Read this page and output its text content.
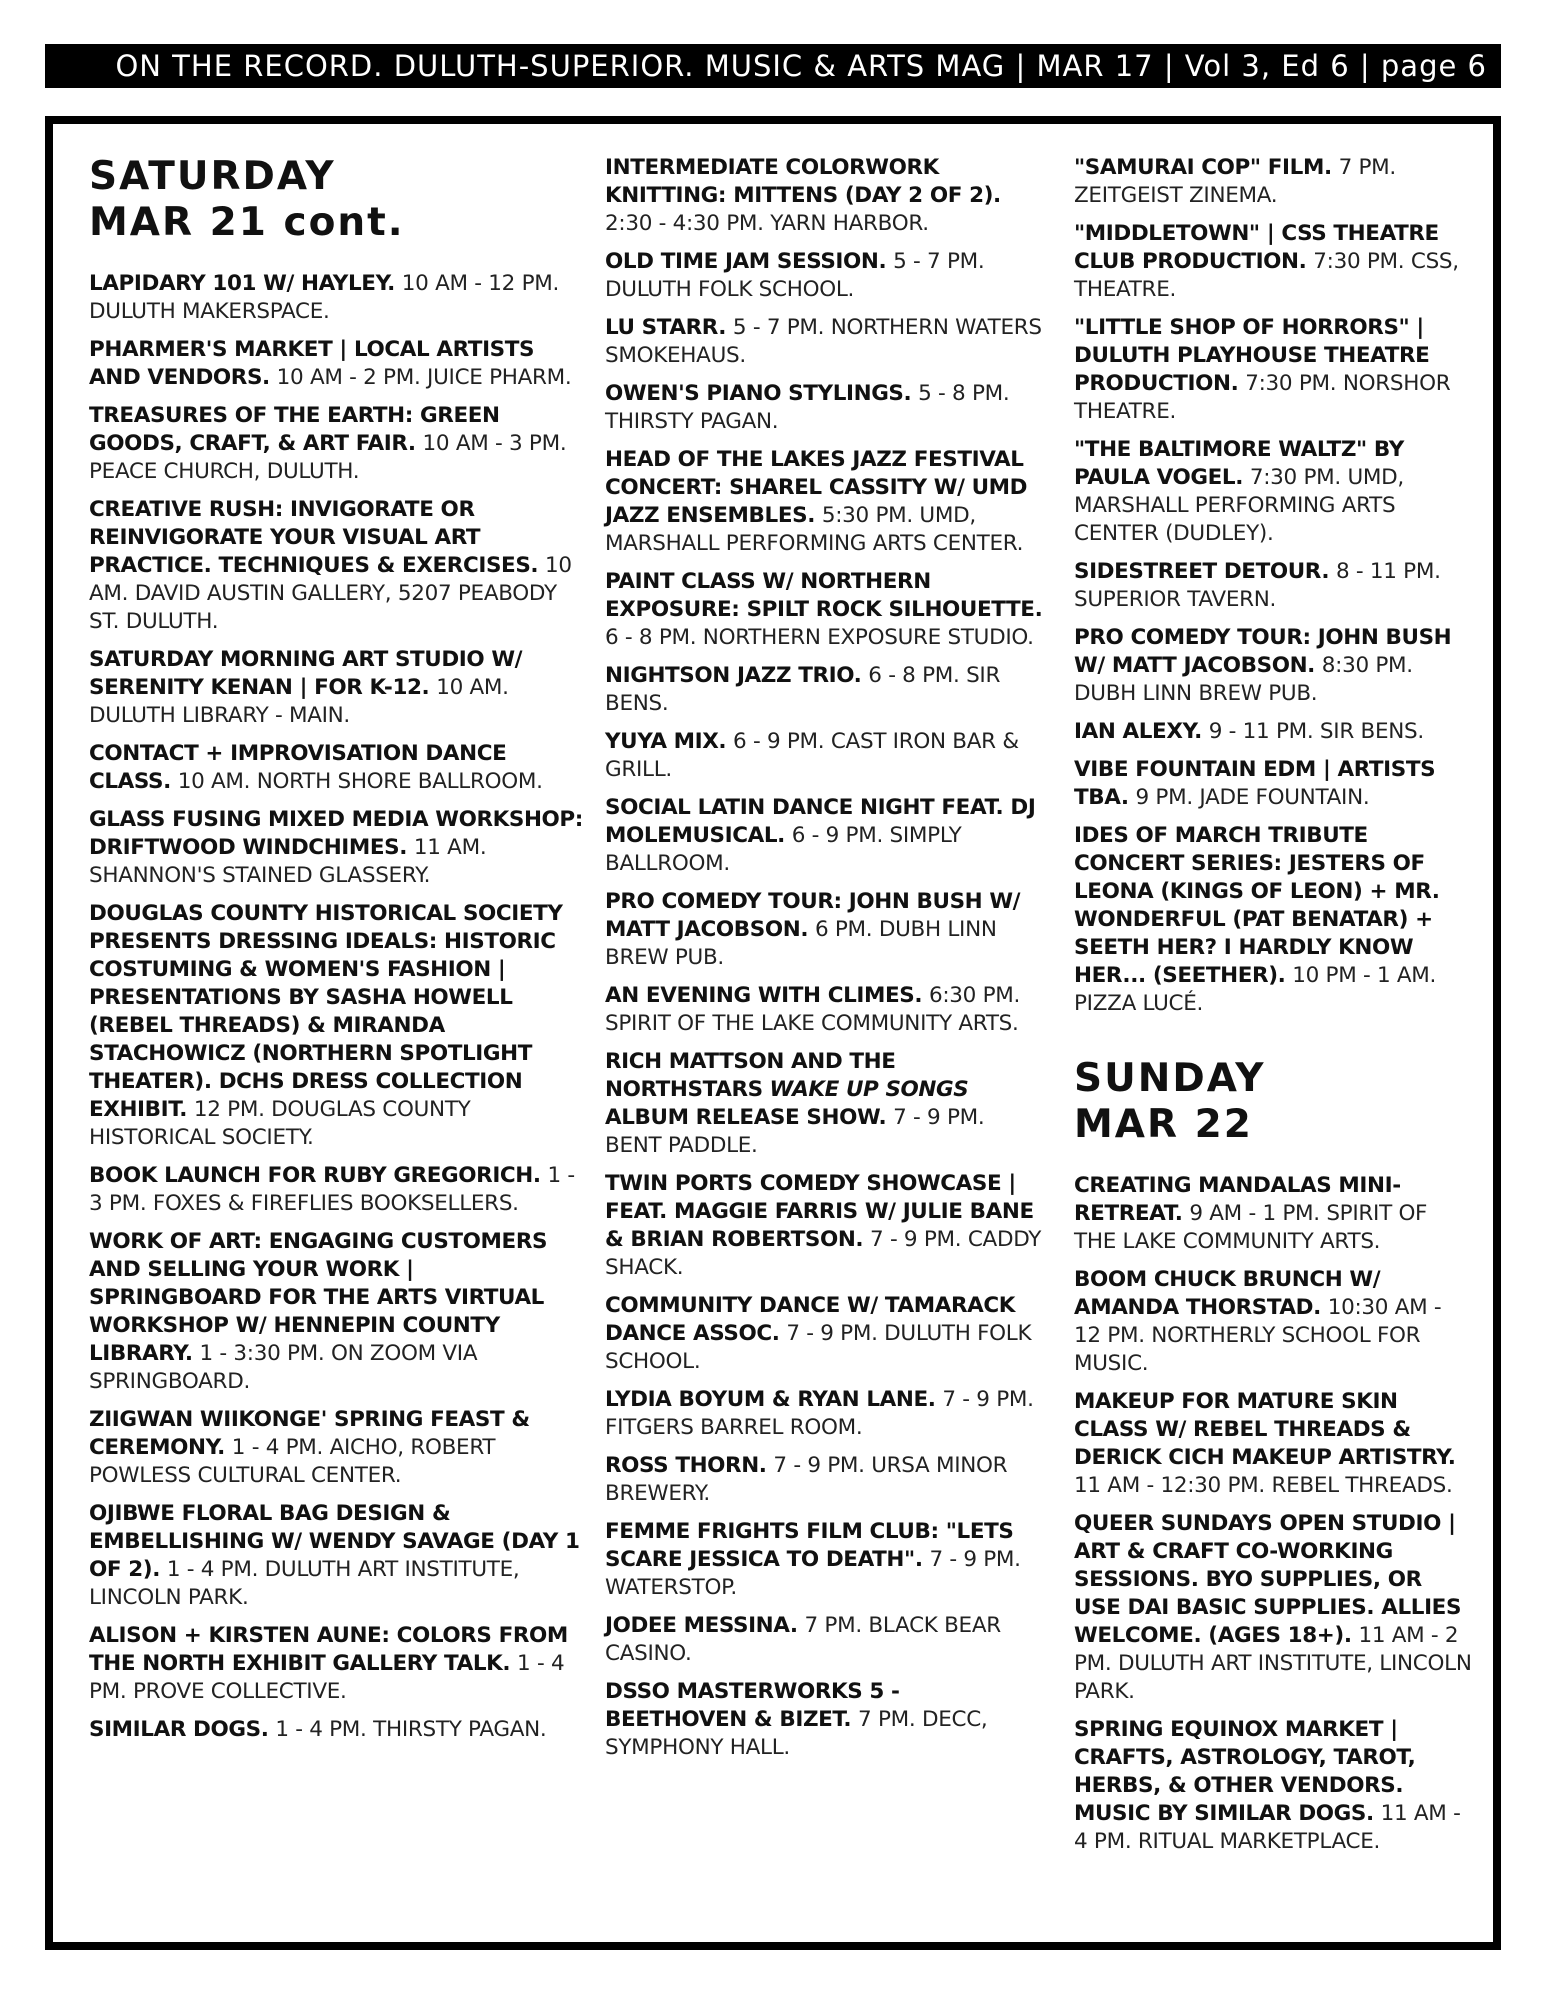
ON THE RECORD. DULUTH-SUPERIOR. MUSIC & ARTS MAG | MAR 17 | Vol 3, Ed 6 | page 6
SATURDAY
MAR 21 cont.
LAPIDARY 101 W/ HAYLEY. 10 AM - 12 PM. DULUTH MAKERSPACE.
PHARMER'S MARKET | LOCAL ARTISTS AND VENDORS. 10 AM - 2 PM. JUICE PHARM.
TREASURES OF THE EARTH: GREEN GOODS, CRAFT, & ART FAIR. 10 AM - 3 PM. PEACE CHURCH, DULUTH.
CREATIVE RUSH: INVIGORATE OR REINVIGORATE YOUR VISUAL ART PRACTICE. TECHNIQUES & EXERCISES. 10 AM. DAVID AUSTIN GALLERY, 5207 PEABODY ST. DULUTH.
SATURDAY MORNING ART STUDIO W/ SERENITY KENAN | FOR K-12. 10 AM. DULUTH LIBRARY - MAIN.
CONTACT + IMPROVISATION DANCE CLASS. 10 AM. NORTH SHORE BALLROOM.
GLASS FUSING MIXED MEDIA WORKSHOP: DRIFTWOOD WINDCHIMES. 11 AM. SHANNON'S STAINED GLASSERY.
DOUGLAS COUNTY HISTORICAL SOCIETY PRESENTS DRESSING IDEALS: HISTORIC COSTUMING & WOMEN'S FASHION | PRESENTATIONS BY SASHA HOWELL (REBEL THREADS) & MIRANDA STACHOWICZ (NORTHERN SPOTLIGHT THEATER). DCHS DRESS COLLECTION EXHIBIT. 12 PM. DOUGLAS COUNTY HISTORICAL SOCIETY.
BOOK LAUNCH FOR RUBY GREGORICH. 1 - 3 PM. FOXES & FIREFLIES BOOKSELLERS.
WORK OF ART: ENGAGING CUSTOMERS AND SELLING YOUR WORK | SPRINGBOARD FOR THE ARTS VIRTUAL WORKSHOP W/ HENNEPIN COUNTY LIBRARY. 1 - 3:30 PM. ON ZOOM VIA SPRINGBOARD.
ZIIGWAN WIIKONGE' SPRING FEAST & CEREMONY. 1 - 4 PM. AICHO, ROBERT POWLESS CULTURAL CENTER.
OJIBWE FLORAL BAG DESIGN & EMBELLISHING W/ WENDY SAVAGE (DAY 1 OF 2). 1 - 4 PM. DULUTH ART INSTITUTE, LINCOLN PARK.
ALISON + KIRSTEN AUNE: COLORS FROM THE NORTH EXHIBIT GALLERY TALK. 1 - 4 PM. PROVE COLLECTIVE.
SIMILAR DOGS. 1 - 4 PM. THIRSTY PAGAN.
INTERMEDIATE COLORWORK KNITTING: MITTENS (DAY 2 OF 2). 2:30 - 4:30 PM. YARN HARBOR.
OLD TIME JAM SESSION. 5 - 7 PM. DULUTH FOLK SCHOOL.
LU STARR. 5 - 7 PM. NORTHERN WATERS SMOKEHAUS.
OWEN'S PIANO STYLINGS. 5 - 8 PM. THIRSTY PAGAN.
HEAD OF THE LAKES JAZZ FESTIVAL CONCERT: SHAREL CASSITY W/ UMD JAZZ ENSEMBLES. 5:30 PM. UMD, MARSHALL PERFORMING ARTS CENTER.
PAINT CLASS W/ NORTHERN EXPOSURE: SPILT ROCK SILHOUETTE. 6 - 8 PM. NORTHERN EXPOSURE STUDIO.
NIGHTSON JAZZ TRIO. 6 - 8 PM. SIR BENS.
YUYA MIX. 6 - 9 PM. CAST IRON BAR & GRILL.
SOCIAL LATIN DANCE NIGHT FEAT. DJ MOLEMUSICAL. 6 - 9 PM. SIMPLY BALLROOM.
PRO COMEDY TOUR: JOHN BUSH W/ MATT JACOBSON. 6 PM. DUBH LINN BREW PUB.
AN EVENING WITH CLIMES. 6:30 PM. SPIRIT OF THE LAKE COMMUNITY ARTS.
RICH MATTSON AND THE NORTHSTARS WAKE UP SONGS ALBUM RELEASE SHOW. 7 - 9 PM. BENT PADDLE.
TWIN PORTS COMEDY SHOWCASE | FEAT. MAGGIE FARRIS W/ JULIE BANE & BRIAN ROBERTSON. 7 - 9 PM. CADDY SHACK.
COMMUNITY DANCE W/ TAMARACK DANCE ASSOC. 7 - 9 PM. DULUTH FOLK SCHOOL.
LYDIA BOYUM & RYAN LANE. 7 - 9 PM. FITGERS BARREL ROOM.
ROSS THORN. 7 - 9 PM. URSA MINOR BREWERY.
FEMME FRIGHTS FILM CLUB: "LETS SCARE JESSICA TO DEATH". 7 - 9 PM. WATERSTOP.
JODEE MESSINA. 7 PM. BLACK BEAR CASINO.
DSSO MASTERWORKS 5 - BEETHOVEN & BIZET. 7 PM. DECC, SYMPHONY HALL.
"SAMURAI COP" FILM. 7 PM. ZEITGEIST ZINEMA.
"MIDDLETOWN" | CSS THEATRE CLUB PRODUCTION. 7:30 PM. CSS, THEATRE.
"LITTLE SHOP OF HORRORS" | DULUTH PLAYHOUSE THEATRE PRODUCTION. 7:30 PM. NORSHOR THEATRE.
"THE BALTIMORE WALTZ" BY PAULA VOGEL. 7:30 PM. UMD, MARSHALL PERFORMING ARTS CENTER (DUDLEY).
SIDESTREET DETOUR. 8 - 11 PM. SUPERIOR TAVERN.
PRO COMEDY TOUR: JOHN BUSH W/ MATT JACOBSON. 8:30 PM. DUBH LINN BREW PUB.
IAN ALEXY. 9 - 11 PM. SIR BENS.
VIBE FOUNTAIN EDM | ARTISTS TBA. 9 PM. JADE FOUNTAIN.
IDES OF MARCH TRIBUTE CONCERT SERIES: JESTERS OF LEONA (KINGS OF LEON) + MR. WONDERFUL (PAT BENATAR) + SEETH HER? I HARDLY KNOW HER... (SEETHER). 10 PM - 1 AM. PIZZA LUCÉ.
SUNDAY
MAR 22
CREATING MANDALAS MINI-RETREAT. 9 AM - 1 PM. SPIRIT OF THE LAKE COMMUNITY ARTS.
BOOM CHUCK BRUNCH W/ AMANDA THORSTAD. 10:30 AM - 12 PM. NORTHERLY SCHOOL FOR MUSIC.
MAKEUP FOR MATURE SKIN CLASS W/ REBEL THREADS & DERICK CICH MAKEUP ARTISTRY. 11 AM - 12:30 PM. REBEL THREADS.
QUEER SUNDAYS OPEN STUDIO | ART & CRAFT CO-WORKING SESSIONS. BYO SUPPLIES, OR USE DAI BASIC SUPPLIES. ALLIES WELCOME. (AGES 18+). 11 AM - 2 PM. DULUTH ART INSTITUTE, LINCOLN PARK.
SPRING EQUINOX MARKET | CRAFTS, ASTROLOGY, TAROT, HERBS, & OTHER VENDORS. MUSIC BY SIMILAR DOGS. 11 AM - 4 PM. RITUAL MARKETPLACE.
